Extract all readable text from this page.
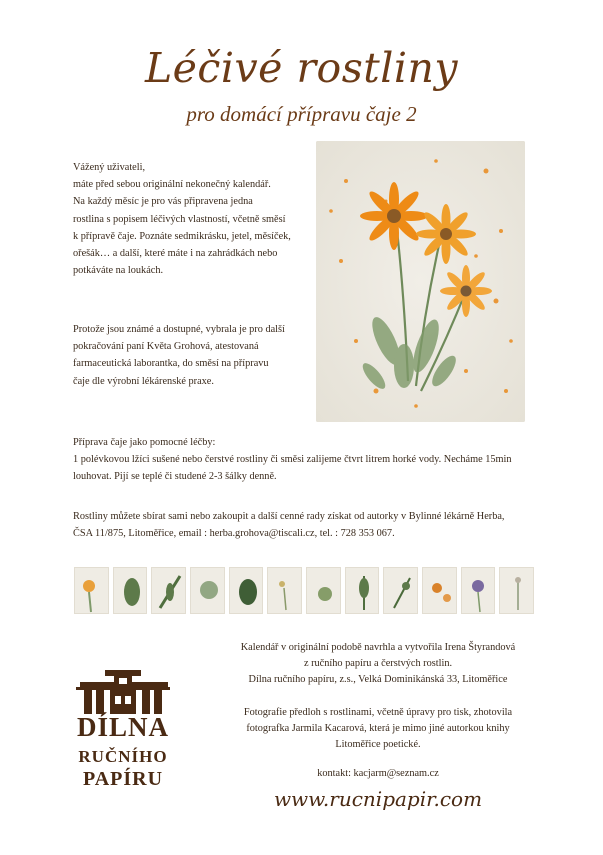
Léčivé rostliny
pro domácí přípravu čaje 2
Vážený uživateli,
máte před sebou originální nekonečný kalendář.
Na každý měsíc je pro vás připravena jedna
rostlina s popisem léčivých vlastností, včetně směsí
k přípravě čaje. Poznáte sedmikrásku, jetel, měsíček,
ořešák… a další, které máte i na zahrádkách nebo
potkáváte na loukách.
Protože jsou známé a dostupné, vybrala je pro další
pokračování paní Květa Grohová, atestovaná
farmaceutická laborantka, do směsí na přípravu
čaje dle výrobní lékárenské praxe.
Příprava čaje jako pomocné léčby:
1 polévkovou lžíci sušené nebo čerstvé rostliny či směsi zalijeme čtvrt litrem horké vody. Necháme 15min
louhovat. Pijí se teplé či studené 2-3 šálky denně.
Rostliny můžete sbírat sami nebo zakoupit a další cenné rady získat od autorky v Bylinné lékárně Herba,
ČSA 11/875, Litoměřice, email : herba.grohova@tiscali.cz, tel. : 728 353 067.
DÍLNA
RUČNÍHO
PAPÍRU
Kalendář v originální podobě navrhla a vytvořila Irena Štyrandová
z ručního papíru a čerstvých rostlin.
Dílna ručního papíru, z.s., Velká Dominikánská 33, Litoměřice
Fotografie předloh s rostlinami, včetně úpravy pro tisk, zhotovila
fotografka Jarmila Kacarová, která je mimo jiné autorkou knihy
Litoměřice poetické.
kontakt: kacjarm@seznam.cz
www.rucnipapir.com
